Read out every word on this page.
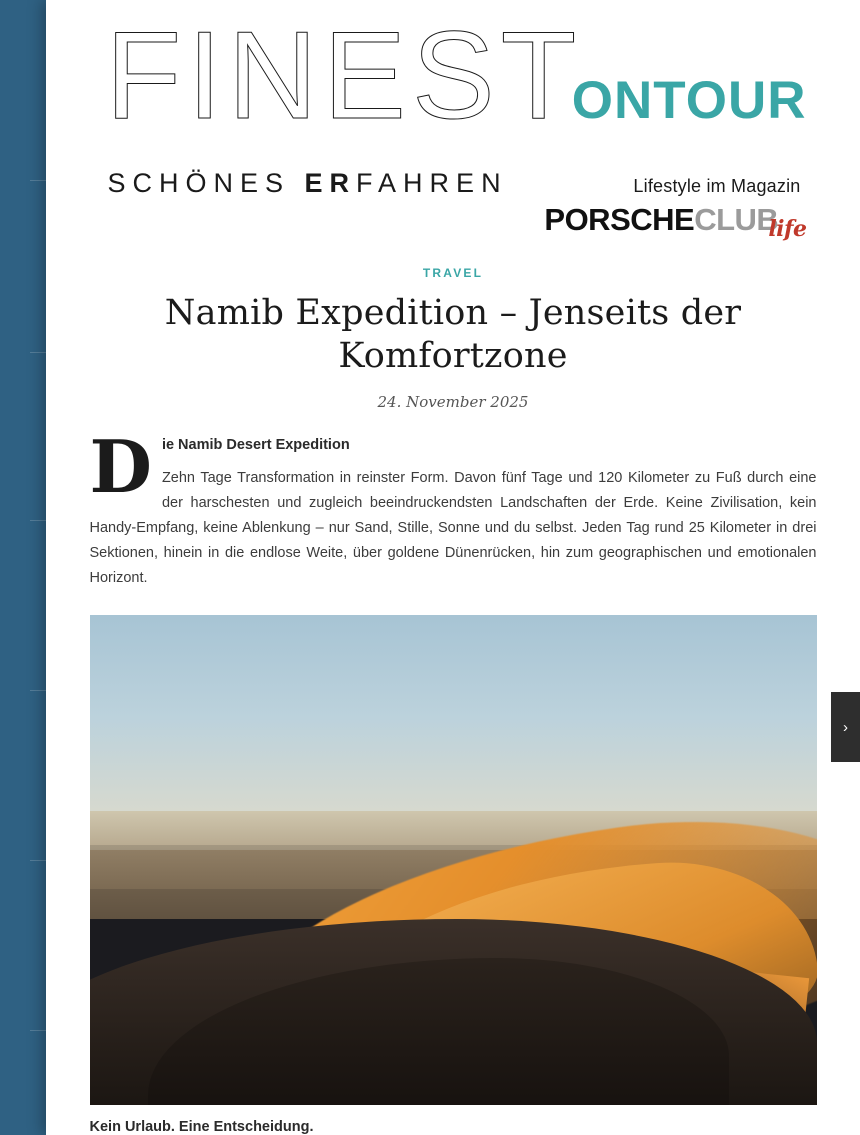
FINEST
SCHÖNES ERFAHREN
ONTOUR
Lifestyle im Magazin
PORSCHECLUBlife
TRAVEL
Namib Expedition – Jenseits der Komfortzone
24. November 2025
D ie Namib Desert Expedition
Zehn Tage Transformation in reinster Form. Davon fünf Tage und 120 Kilometer zu Fuß durch eine der harschesten und zugleich beeindruckendsten Landschaften der Erde. Keine Zivilisation, kein Handy-Empfang, keine Ablenkung – nur Sand, Stille, Sonne und du selbst. Jeden Tag rund 25 Kilometer in drei Sektionen, hinein in die endlose Weite, über goldene Dünenrücken, hin zum geographischen und emotionalen Horizont.
Kein Urlaub. Eine Entscheidung.
›
